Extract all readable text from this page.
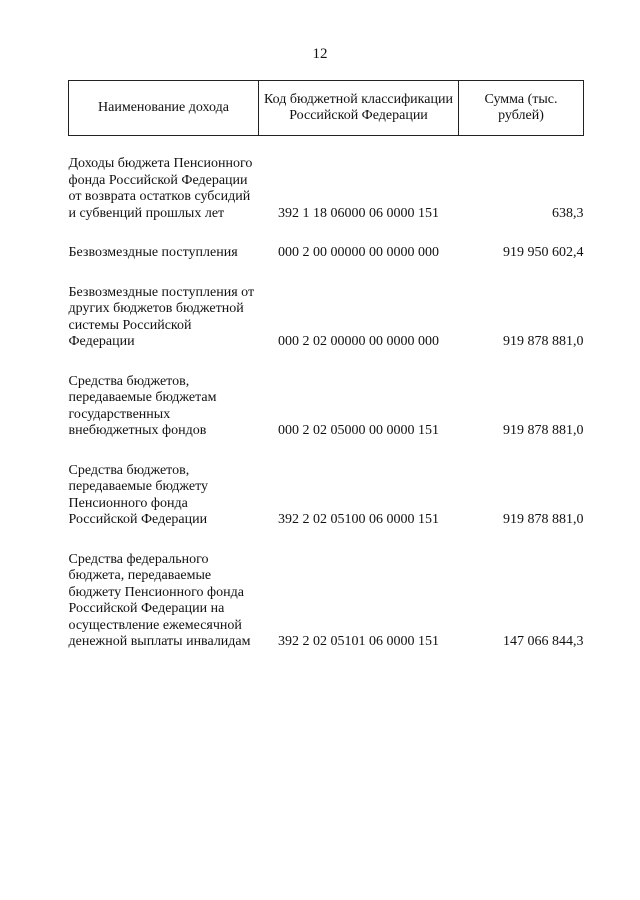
12
Наименование дохода	Код бюджетной классификации Российской Федерации	Сумма (тыс. рублей)

Доходы бюджета Пенсионного фонда Российской Федерации от возврата остатков субсидий и субвенций прошлых лет	392 1 18 06000 06 0000 151	638,3

Безвозмездные поступления	000 2 00 00000 00 0000 000	919 950 602,4

Безвозмездные поступления от других бюджетов бюджетной системы Российской Федерации	000 2 02 00000 00 0000 000	919 878 881,0

Средства бюджетов, передаваемые бюджетам государственных внебюджетных фондов	000 2 02 05000 00 0000 151	919 878 881,0

Средства бюджетов, передаваемые бюджету Пенсионного фонда Российской Федерации	392 2 02 05100 06 0000 151	919 878 881,0

Средства федерального бюджета, передаваемые бюджету Пенсионного фонда Российской Федерации на осуществление ежемесячной денежной выплаты инвалидам	392 2 02 05101 06 0000 151	147 066 844,3
